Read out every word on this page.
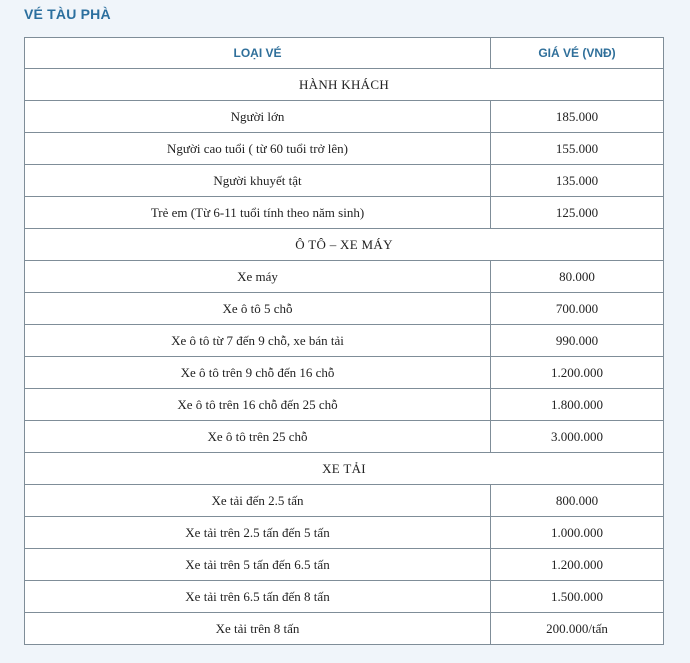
VÉ TÀU PHÀ
LOẠI VÉ	GIÁ VÉ (VNĐ)
HÀNH KHÁCH	
Người lớn	185.000
Người cao tuổi ( từ 60 tuổi trở lên)	155.000
Người khuyết tật	135.000
Trẻ em (Từ 6-11 tuổi tính theo năm sinh)	125.000
Ô TÔ – XE MÁY	
Xe máy	80.000
Xe ô tô 5 chỗ	700.000
Xe ô tô từ 7 đến 9 chỗ, xe bán tải	990.000
Xe ô tô trên 9 chỗ đến 16 chỗ	1.200.000
Xe ô tô trên 16 chỗ đến 25 chỗ	1.800.000
Xe ô tô trên 25 chỗ	3.000.000
XE TẢI	
Xe tải đến 2.5 tấn	800.000
Xe tải trên 2.5 tấn đến 5 tấn	1.000.000
Xe tải trên 5 tấn đến 6.5 tấn	1.200.000
Xe tải trên 6.5 tấn đến 8 tấn	1.500.000
Xe tải trên 8 tấn	200.000/tấn
